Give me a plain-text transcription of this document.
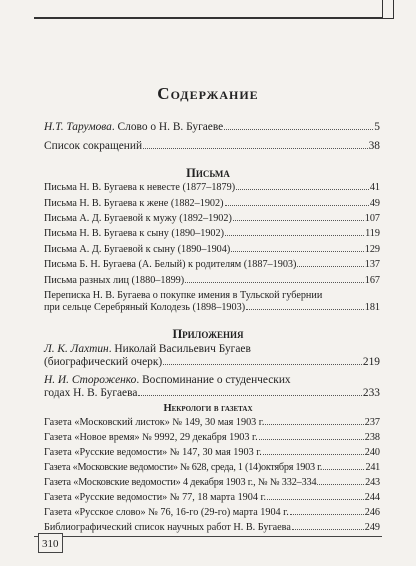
Содержание
Н.Т. Тарумова. Слово о Н. В. Бугаеве	5
Список сокращений	38
Письма
Письма Н. В. Бугаева к невесте (1877–1879)	41
Письма Н. В. Бугаева к жене (1882–1902)	49
Письма А. Д. Бугаевой к мужу (1892–1902)	107
Письма Н. В. Бугаева к сыну (1890–1902)	119
Письма А. Д. Бугаевой к сыну (1890–1904)	129
Письма Б. Н. Бугаева (А. Белый) к родителям (1887–1903)	137
Письма разных лиц (1880–1899)	167
Переписка Н. В. Бугаева о покупке имения в Тульской губернии
при сельце Серебряный Колодезь (1898–1903)	181
Приложения
Л. К. Лахтин. Николай Васильевич Бугаев
(биографический очерк)	219
Н. И. Стороженко. Воспоминание о студенческих
годах Н. В. Бугаева	233
Некрологи в газетах
Газета «Московский листок» № 149, 30 мая 1903 г.	237
Газета «Новое время» № 9992, 29 декабря 1903 г.	238
Газета «Русские ведомости» № 147, 30 мая 1903 г.	240
Газета «Московские ведомости» № 628, среда, 1 (14)октября 1903 г.	241
Газета «Московские ведомости» 4 декабря 1903 г., № № 332–334	243
Газета «Русские ведомости» № 77, 18 марта 1904 г.	244
Газета «Русское слово» № 76, 16-го (29-го) марта 1904 г.	246
Библиографический список научных работ Н. В. Бугаева	249
310
